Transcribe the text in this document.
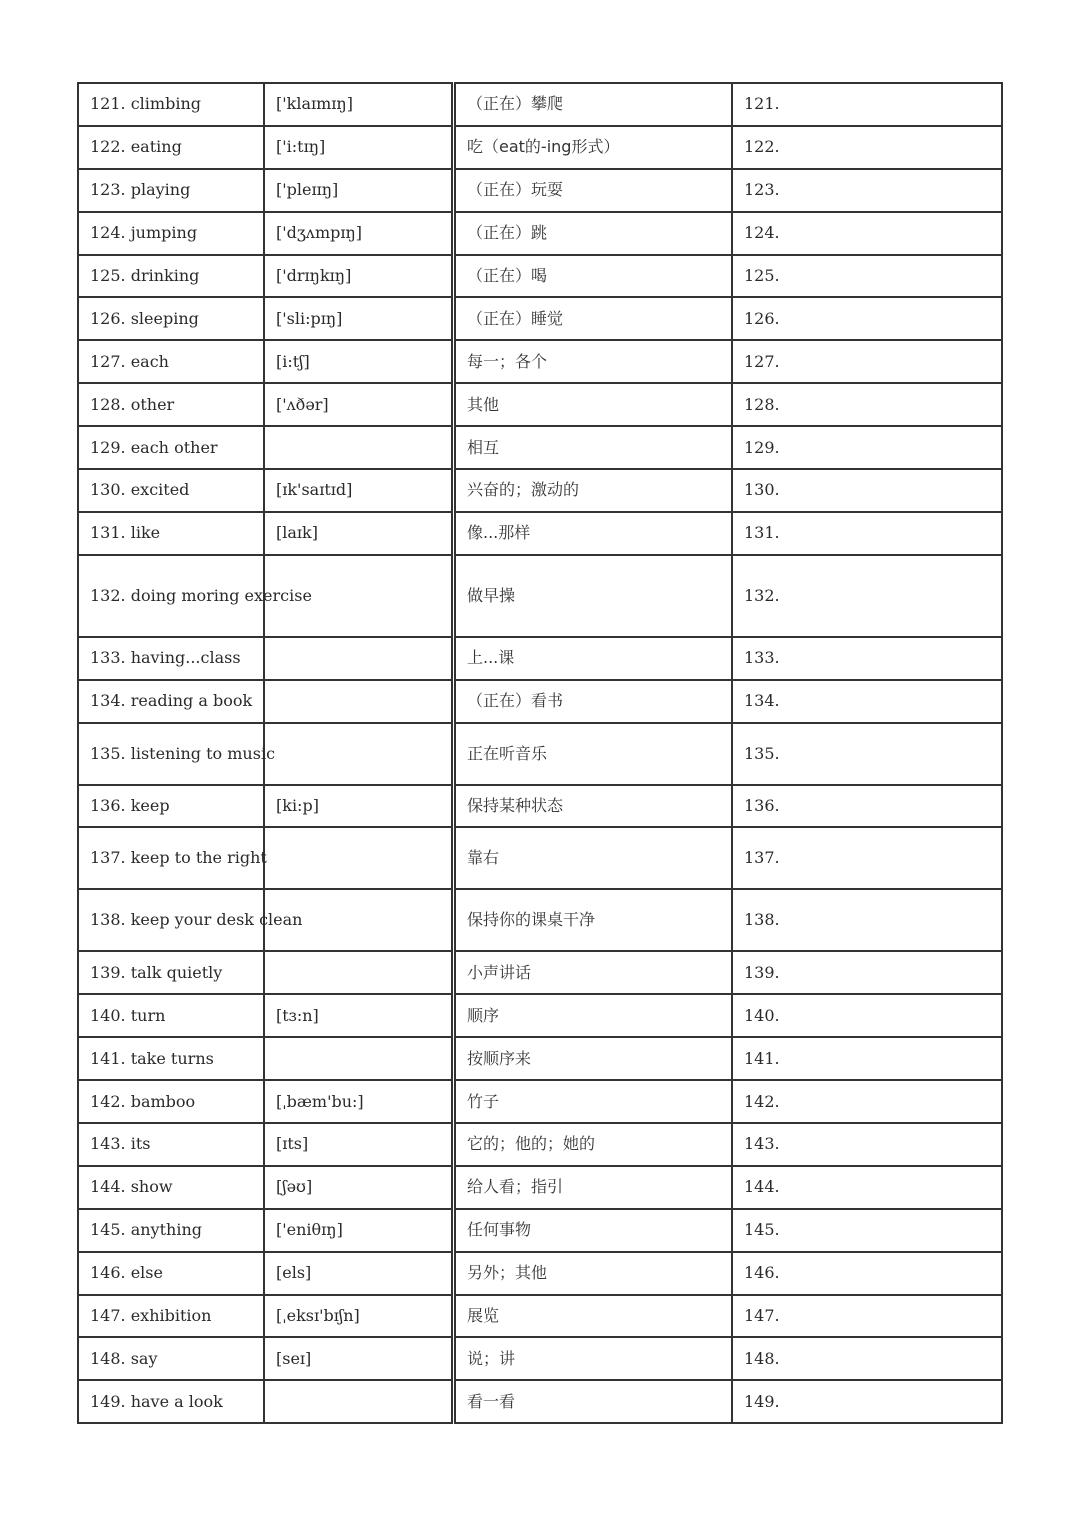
121. climbing	['klaɪmɪŋ]	（正在）攀爬	121.
122. eating	['i:tɪŋ]	吃（eat的-ing形式）	122.
123. playing	['pleɪɪŋ]	（正在）玩耍	123.
124. jumping	['dʒʌmpɪŋ]	（正在）跳	124.
125. drinking	['drɪŋkɪŋ]	（正在）喝	125.
126. sleeping	['sli:pɪŋ]	（正在）睡觉	126.
127. each	[i:tʃ]	每一；各个	127.
128. other	['ʌðər]	其他	128.
129. each other		相互	129.
130. excited	[ɪk'saɪtɪd]	兴奋的；激动的	130.
131. like	[laɪk]	像...那样	131.
132. doing moring exercise		做早操	132.
133. having...class		上...课	133.
134. reading a book		（正在）看书	134.
135. listening to music		正在听音乐	135.
136. keep	[ki:p]	保持某种状态	136.
137. keep to the right		靠右	137.
138. keep your desk clean		保持你的课桌干净	138.
139. talk quietly		小声讲话	139.
140. turn	[tɜ:n]	顺序	140.
141. take turns		按顺序来	141.
142. bamboo	[ˌbæm'bu:]	竹子	142.
143. its	[ɪts]	它的；他的；她的	143.
144. show	[ʃəʊ]	给人看；指引	144.
145. anything	['eniθɪŋ]	任何事物	145.
146. else	[els]	另外；其他	146.
147. exhibition	[ˌeksɪ'bɪʃn]	展览	147.
148. say	[seɪ]	说；讲	148.
149. have a look		看一看	149.
